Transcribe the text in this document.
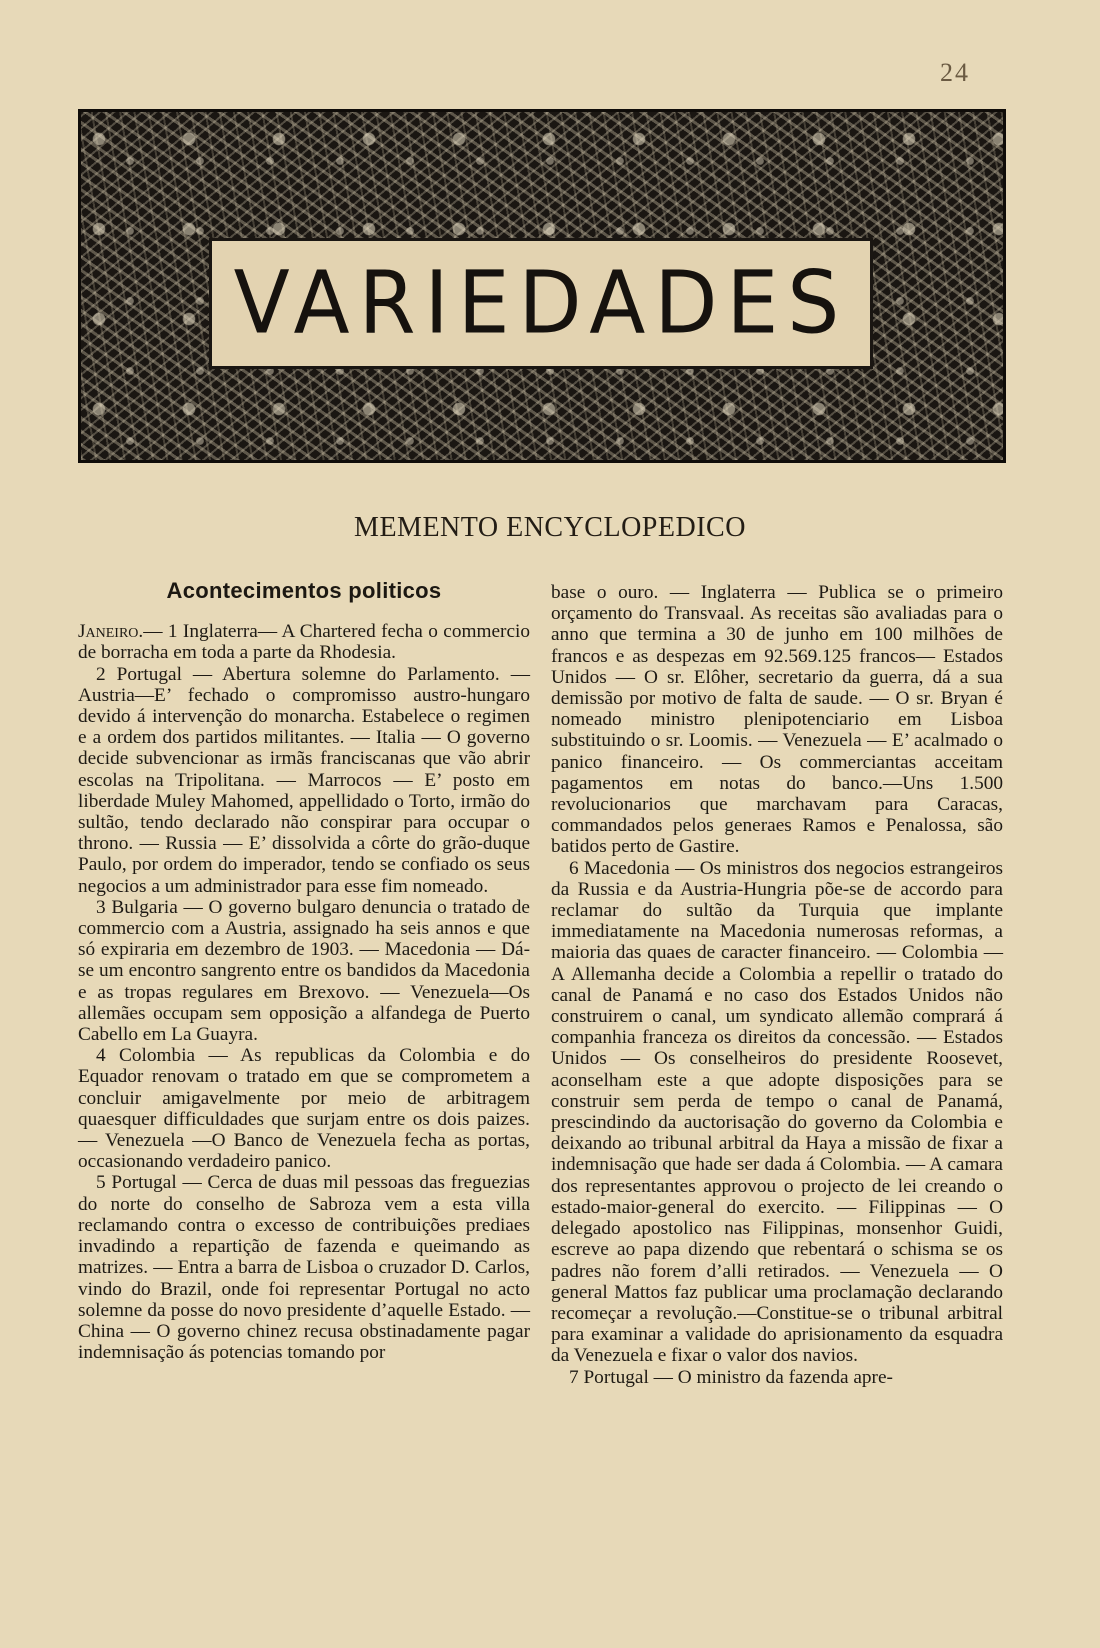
24
VARIEDADES
MEMENTO ENCYCLOPEDICO
Acontecimentos politicos

Janeiro.— 1 Inglaterra— A Chartered fecha o commercio de borracha em toda a parte da Rhodesia.

2 Portugal — Abertura solemne do Parlamento. — Austria—E’ fechado o compromisso austro-hungaro devido á intervenção do monarcha. Estabelece o regimen e a ordem dos partidos militantes. — Italia — O governo decide subvencionar as irmãs franciscanas que vão abrir escolas na Tripolitana. — Marrocos — E’ posto em liberdade Muley Mahomed, appellidado o Torto, irmão do sultão, tendo declarado não conspirar para occupar o throno. — Russia — E’ dissolvida a côrte do grão-duque Paulo, por ordem do imperador, tendo se confiado os seus negocios a um administrador para esse fim nomeado.

3 Bulgaria — O governo bulgaro denuncia o tratado de commercio com a Austria, assignado ha seis annos e que só expiraria em dezembro de 1903. — Macedonia — Dá-se um encontro sangrento entre os bandidos da Macedonia e as tropas regulares em Brexovo. — Venezuela—Os allemães occupam sem opposição a alfandega de Puerto Cabello em La Guayra.

4 Colombia — As republicas da Colombia e do Equador renovam o tratado em que se comprometem a concluir amigavelmente por meio de arbitragem quaesquer difficuldades que surjam entre os dois paizes. — Venezuela —O Banco de Venezuela fecha as portas, occasionando verdadeiro panico.

5 Portugal — Cerca de duas mil pessoas das freguezias do norte do conselho de Sabroza vem a esta villa reclamando contra o excesso de contribuições prediaes invadindo a repartição de fazenda e queimando as matrizes. — Entra a barra de Lisboa o cruzador D. Carlos, vindo do Brazil, onde foi representar Portugal no acto solemne da posse do novo presidente d’aquelle Estado. — China — O governo chinez recusa obstinadamente pagar indemnisação ás potencias tomando por

base o ouro. — Inglaterra — Publica se o primeiro orçamento do Transvaal. As receitas são avaliadas para o anno que termina a 30 de junho em 100 milhões de francos e as despezas em 92.569.125 francos— Estados Unidos — O sr. Elôher, secretario da guerra, dá a sua demissão por motivo de falta de saude. — O sr. Bryan é nomeado ministro plenipotenciario em Lisboa substituindo o sr. Loomis. — Venezuela — E’ acalmado o panico financeiro. — Os commerciantas acceitam pagamentos em notas do banco.—Uns 1.500 revolucionarios que marchavam para Caracas, commandados pelos generaes Ramos e Penalossa, são batidos perto de Gastire.

6 Macedonia — Os ministros dos negocios estrangeiros da Russia e da Austria-Hungria põe-se de accordo para reclamar do sultão da Turquia que implante immediatamente na Macedonia numerosas reformas, a maioria das quaes de caracter financeiro. — Colombia — A Allemanha decide a Colombia a repellir o tratado do canal de Panamá e no caso dos Estados Unidos não construirem o canal, um syndicato allemão comprará á companhia franceza os direitos da concessão. — Estados Unidos — Os conselheiros do presidente Roosevet, aconselham este a que adopte disposições para se construir sem perda de tempo o canal de Panamá, prescindindo da auctorisação do governo da Colombia e deixando ao tribunal arbitral da Haya a missão de fixar a indemnisação que hade ser dada á Colombia. — A camara dos representantes approvou o projecto de lei creando o estado-maior-general do exercito. — Filippinas — O delegado apostolico nas Filippinas, monsenhor Guidi, escreve ao papa dizendo que rebentará o schisma se os padres não forem d’alli retirados. — Venezuela — O general Mattos faz publicar uma proclamação declarando recomeçar a revolução.—Constitue-se o tribunal arbitral para examinar a validade do aprisionamento da esquadra da Venezuela e fixar o valor dos navios.

7 Portugal — O ministro da fazenda apre-
